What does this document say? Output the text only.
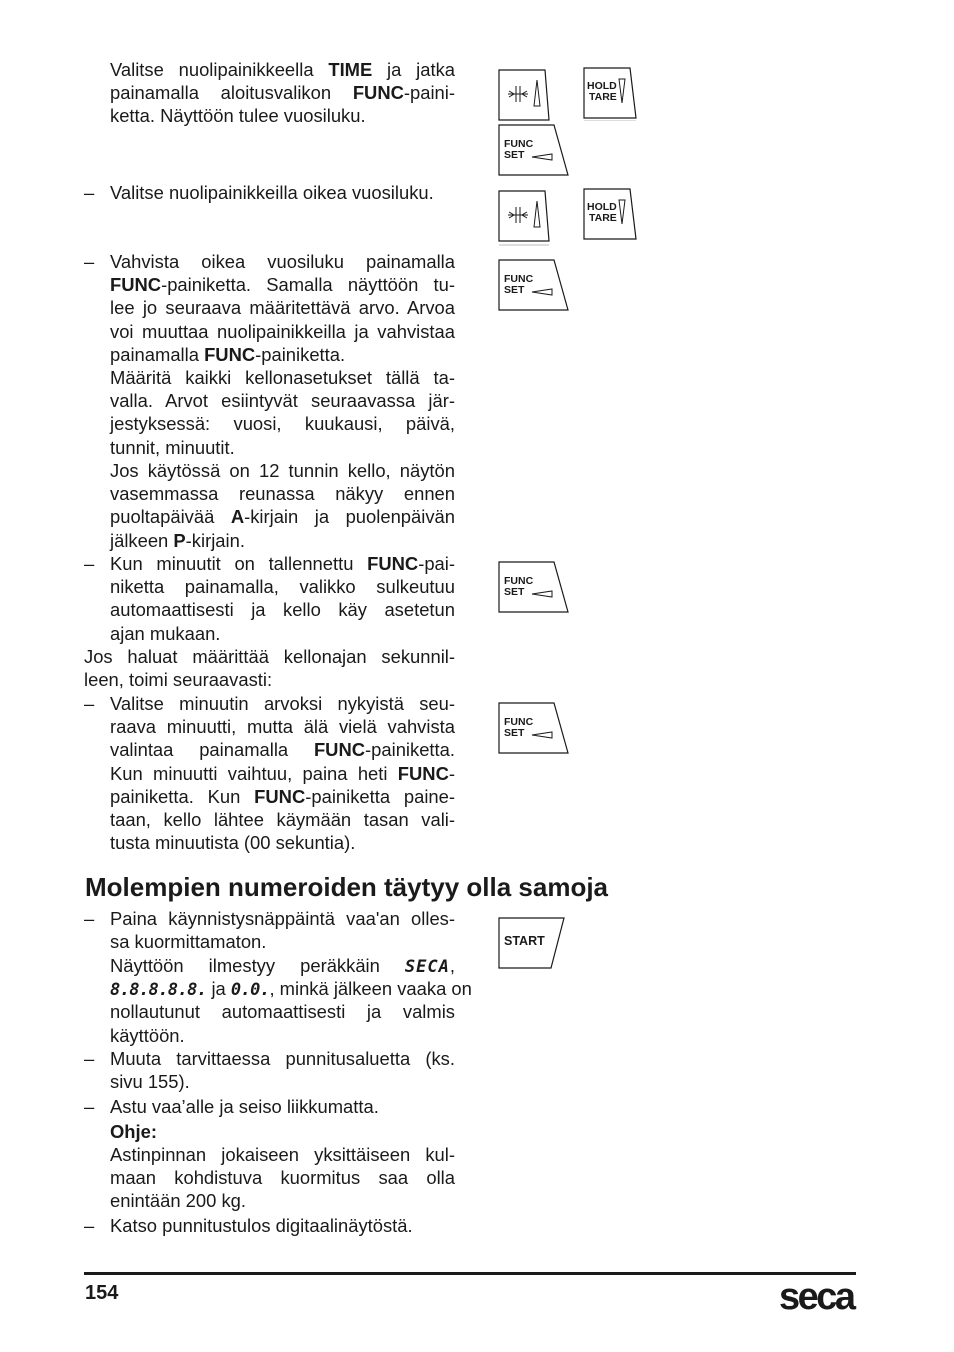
Valitse nuolipainikkeella TIME ja jatka
painamalla aloitusvalikon FUNC-paini-
ketta. Näyttöön tulee vuosiluku.
– Valitse nuolipainikkeilla oikea vuosiluku.
– Vahvista oikea vuosiluku painamalla
FUNC-painiketta. Samalla näyttöön tu-
lee jo seuraava määritettävä arvo. Arvoa
voi muuttaa nuolipainikkeilla ja vahvistaa
painamalla FUNC-painiketta.
Määritä kaikki kellonasetukset tällä ta-
valla. Arvot esiintyvät seuraavassa jär-
jestyksessä: vuosi, kuukausi, päivä,
tunnit, minuutit.
Jos käytössä on 12 tunnin kello, näytön
vasemmassa reunassa näkyy ennen
puoltapäivää A-kirjain ja puolenpäivän
jälkeen P-kirjain.
– Kun minuutit on tallennettu FUNC-pai-
niketta painamalla, valikko sulkeutuu
automaattisesti ja kello käy asetetun
ajan mukaan.
Jos haluat määrittää kellonajan sekunnil-
leen, toimi seuraavasti:
– Valitse minuutin arvoksi nykyistä seu-
raava minuutti, mutta älä vielä vahvista
valintaa painamalla FUNC-painiketta.
Kun minuutti vaihtuu, paina heti FUNC-
painiketta. Kun FUNC-painiketta paine-
taan, kello lähtee käymään tasan vali-
tusta minuutista (00 sekuntia).
Molempien numeroiden täytyy olla samoja
– Paina käynnistysnäppäintä vaa'an olles-
sa kuormittamaton.
Näyttöön ilmestyy peräkkäin SECA,
8.8.8.8.8. ja 0.0., minkä jälkeen vaaka on
nollautunut automaattisesti ja valmis
käyttöön.
– Muuta tarvittaessa punnitusaluetta (ks.
sivu 155).
– Astu vaa’alle ja seiso liikkumatta.
Ohje:
Astinpinnan jokaiseen yksittäiseen kul-
maan kohdistuva kuormitus saa olla
enintään 200 kg.
– Katso punnitustulos digitaalinäytöstä.
HOLD
TARE
FUNC
SET
HOLD
TARE
FUNC
SET
FUNC
SET
FUNC
SET
START
154	seca
